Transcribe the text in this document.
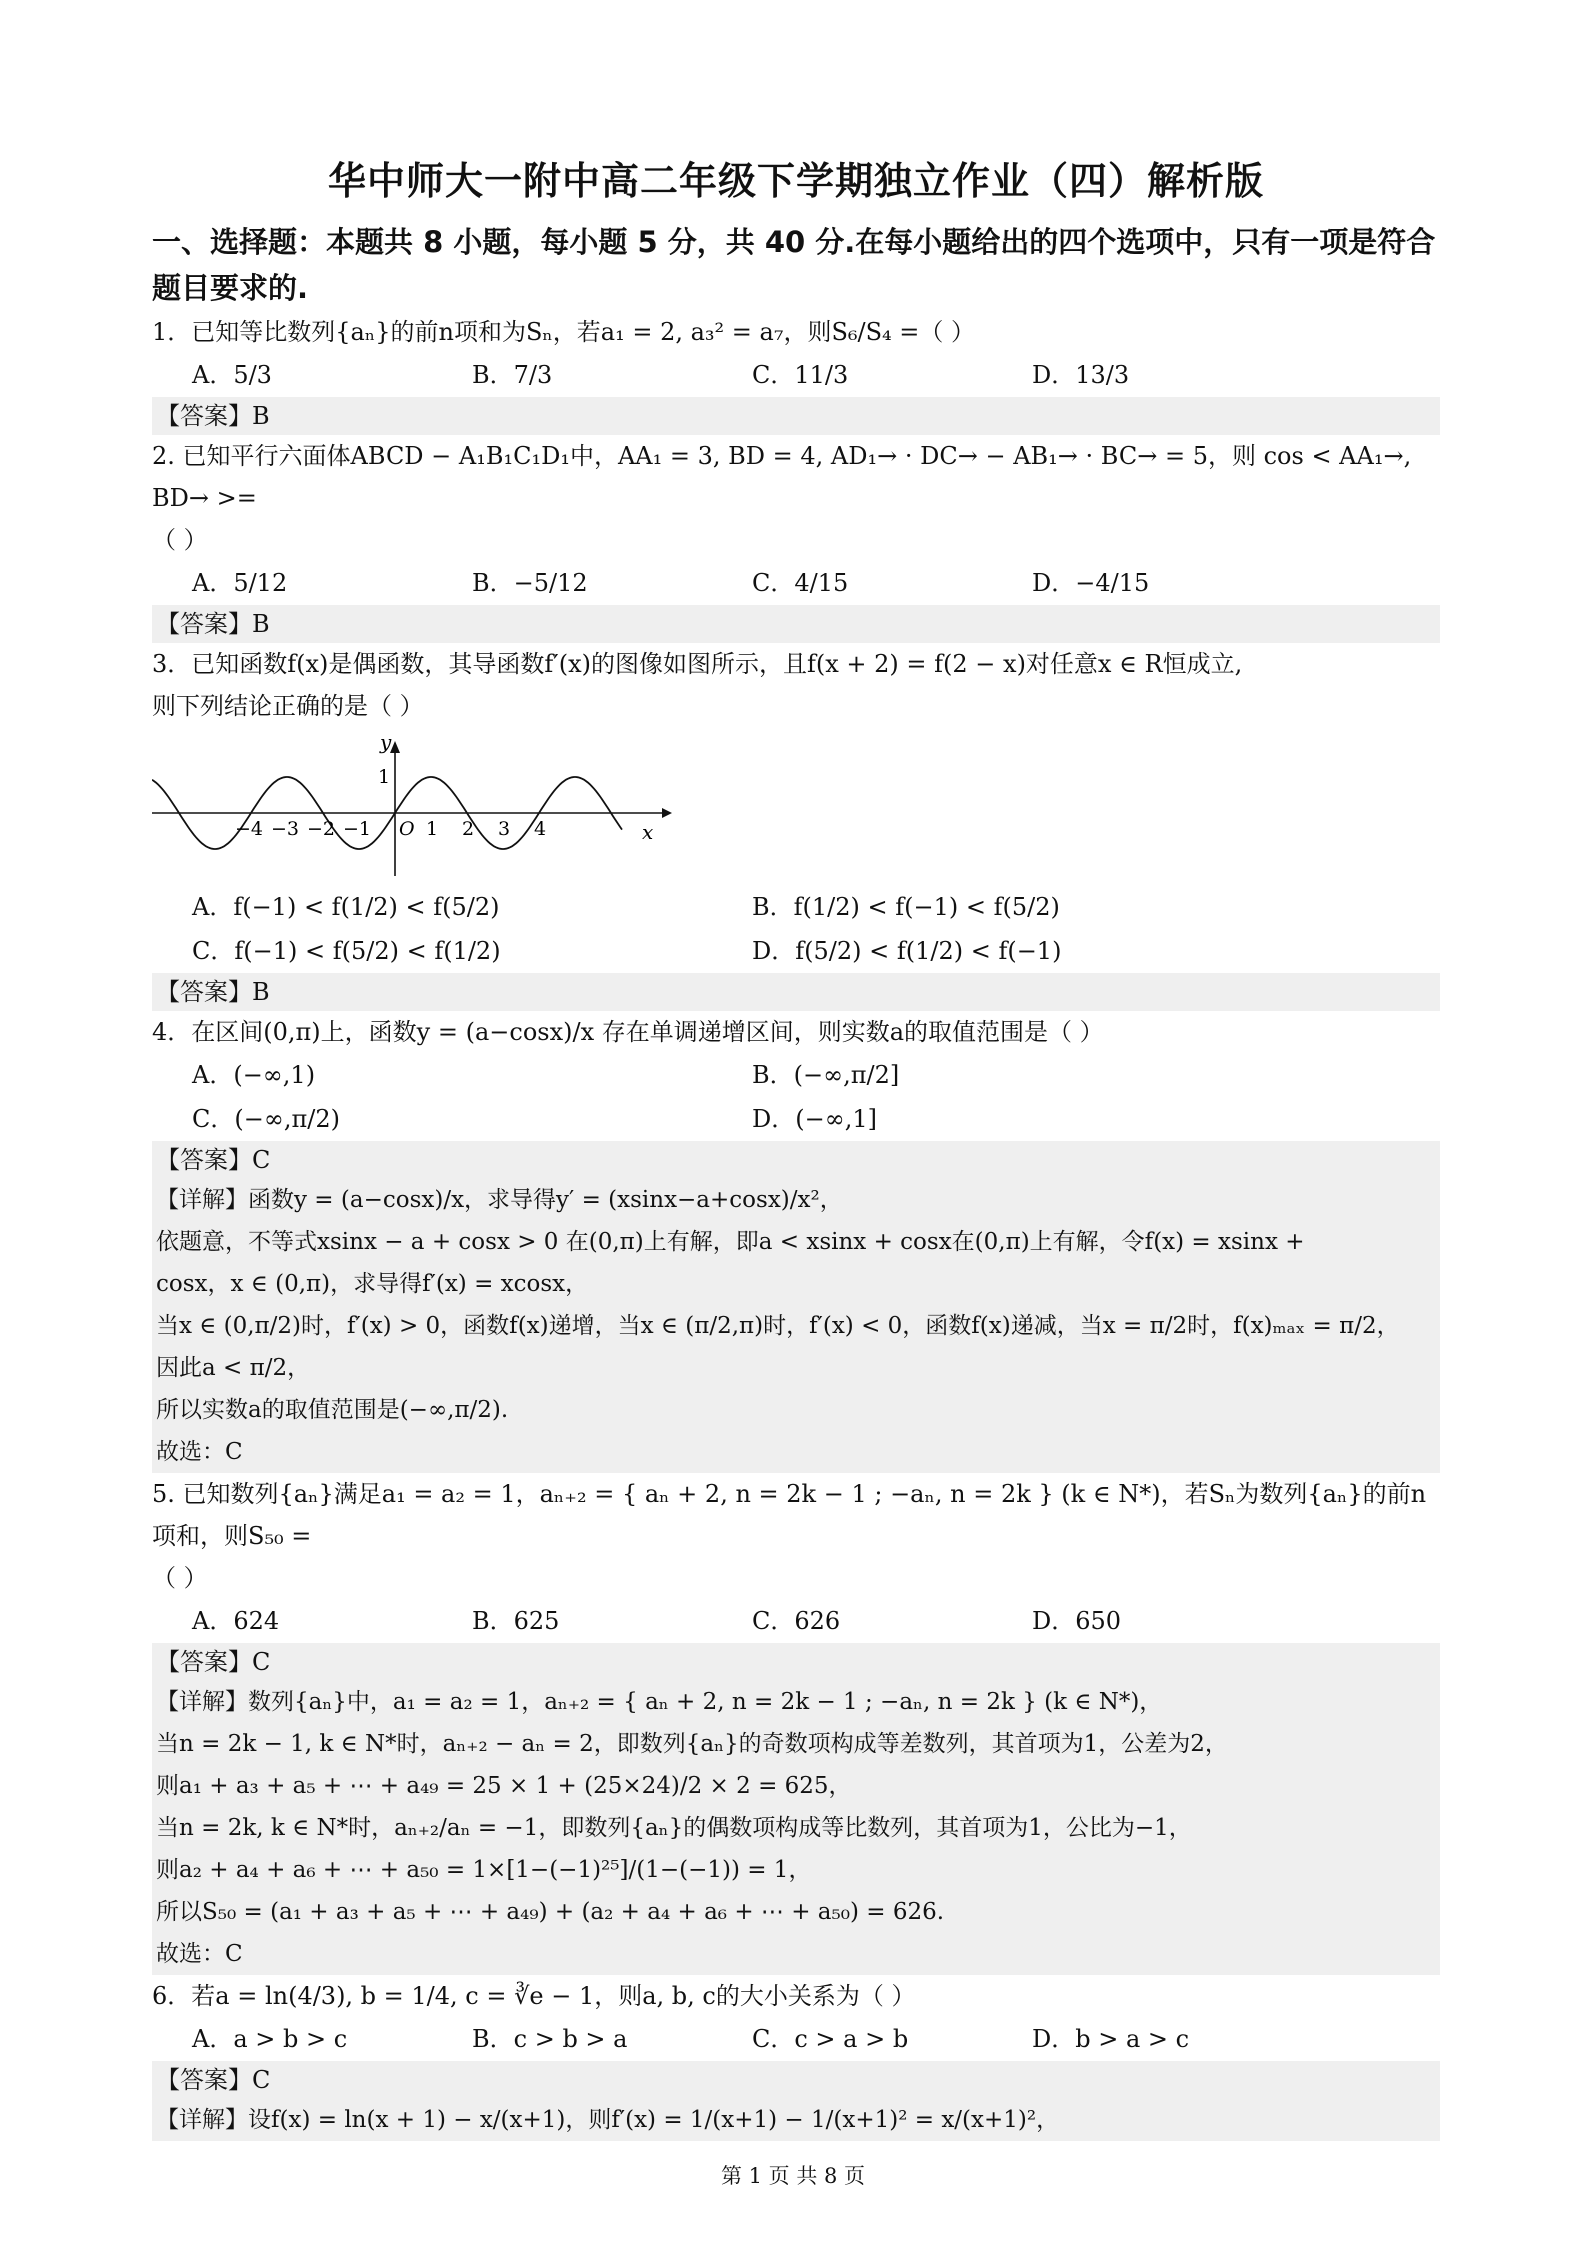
华中师大一附中高二年级下学期独立作业（四）解析版
一、选择题：本题共 8 小题，每小题 5 分，共 40 分.在每小题给出的四个选项中，只有一项是符合题目要求的.
1．已知等比数列{aₙ}的前n项和为Sₙ，若a₁ = 2, a₃² = a₇，则S₆/S₄ =（ ）
A．5/3	B．7/3	C．11/3	D．13/3
【答案】B
2. 已知平行六面体ABCD − A₁B₁C₁D₁中，AA₁ = 3, BD = 4, AD₁→ · DC→ − AB₁→ · BC→ = 5，则 cos < AA₁→, BD→ >=
（ ）
A．5/12	B．−5/12	C．4/15	D．−4/15
【答案】B
3．已知函数f(x)是偶函数，其导函数f′(x)的图像如图所示，且f(x + 2) = f(2 − x)对任意x ∈ R恒成立,
则下列结论正确的是（ ）
y
x
1
O
−4 −3 −2 −1	1 2 3 4
A．f(−1) < f(1/2) < f(5/2)	B．f(1/2) < f(−1) < f(5/2)
C．f(−1) < f(5/2) < f(1/2)	D．f(5/2) < f(1/2) < f(−1)
【答案】B
4．在区间(0,π)上，函数y = (a−cosx)/x 存在单调递增区间，则实数a的取值范围是（ ）
A．(−∞,1)	B．(−∞,π/2]
C．(−∞,π/2)	D．(−∞,1]
【答案】C
【详解】函数y = (a−cosx)/x，求导得y′ = (xsinx−a+cosx)/x²，
依题意，不等式xsinx − a + cosx > 0 在(0,π)上有解，即a < xsinx + cosx在(0,π)上有解，令f(x) = xsinx +
cosx，x ∈ (0,π)，求导得f′(x) = xcosx，
当x ∈ (0,π/2)时，f′(x) > 0，函数f(x)递增，当x ∈ (π/2,π)时，f′(x) < 0，函数f(x)递减，当x = π/2时，f(x)ₘₐₓ = π/2，
因此a < π/2，
所以实数a的取值范围是(−∞,π/2).
故选：C
5. 已知数列{aₙ}满足a₁ = a₂ = 1，aₙ₊₂ = { aₙ + 2, n = 2k − 1 ; −aₙ, n = 2k } (k ∈ N*)，若Sₙ为数列{aₙ}的前n项和，则S₅₀ =
（ ）
A．624	B．625	C．626	D．650
【答案】C
【详解】数列{aₙ}中，a₁ = a₂ = 1，aₙ₊₂ = { aₙ + 2, n = 2k − 1 ; −aₙ, n = 2k } (k ∈ N*)，
当n = 2k − 1, k ∈ N*时，aₙ₊₂ − aₙ = 2，即数列{aₙ}的奇数项构成等差数列，其首项为1，公差为2，
则a₁ + a₃ + a₅ + ⋯ + a₄₉ = 25 × 1 + (25×24)/2 × 2 = 625，
当n = 2k, k ∈ N*时，aₙ₊₂/aₙ = −1，即数列{aₙ}的偶数项构成等比数列，其首项为1，公比为−1，
则a₂ + a₄ + a₆ + ⋯ + a₅₀ = 1×[1−(−1)²⁵]/(1−(−1)) = 1，
所以S₅₀ = (a₁ + a₃ + a₅ + ⋯ + a₄₉) + (a₂ + a₄ + a₆ + ⋯ + a₅₀) = 626.
故选：C
6．若a = ln(4/3), b = 1/4, c = ∛e − 1，则a, b, c的大小关系为（ ）
A．a > b > c	B．c > b > a	C．c > a > b	D．b > a > c
【答案】C
【详解】设f(x) = ln(x + 1) − x/(x+1)，则f′(x) = 1/(x+1) − 1/(x+1)² = x/(x+1)²，
第 1 页 共 8 页
